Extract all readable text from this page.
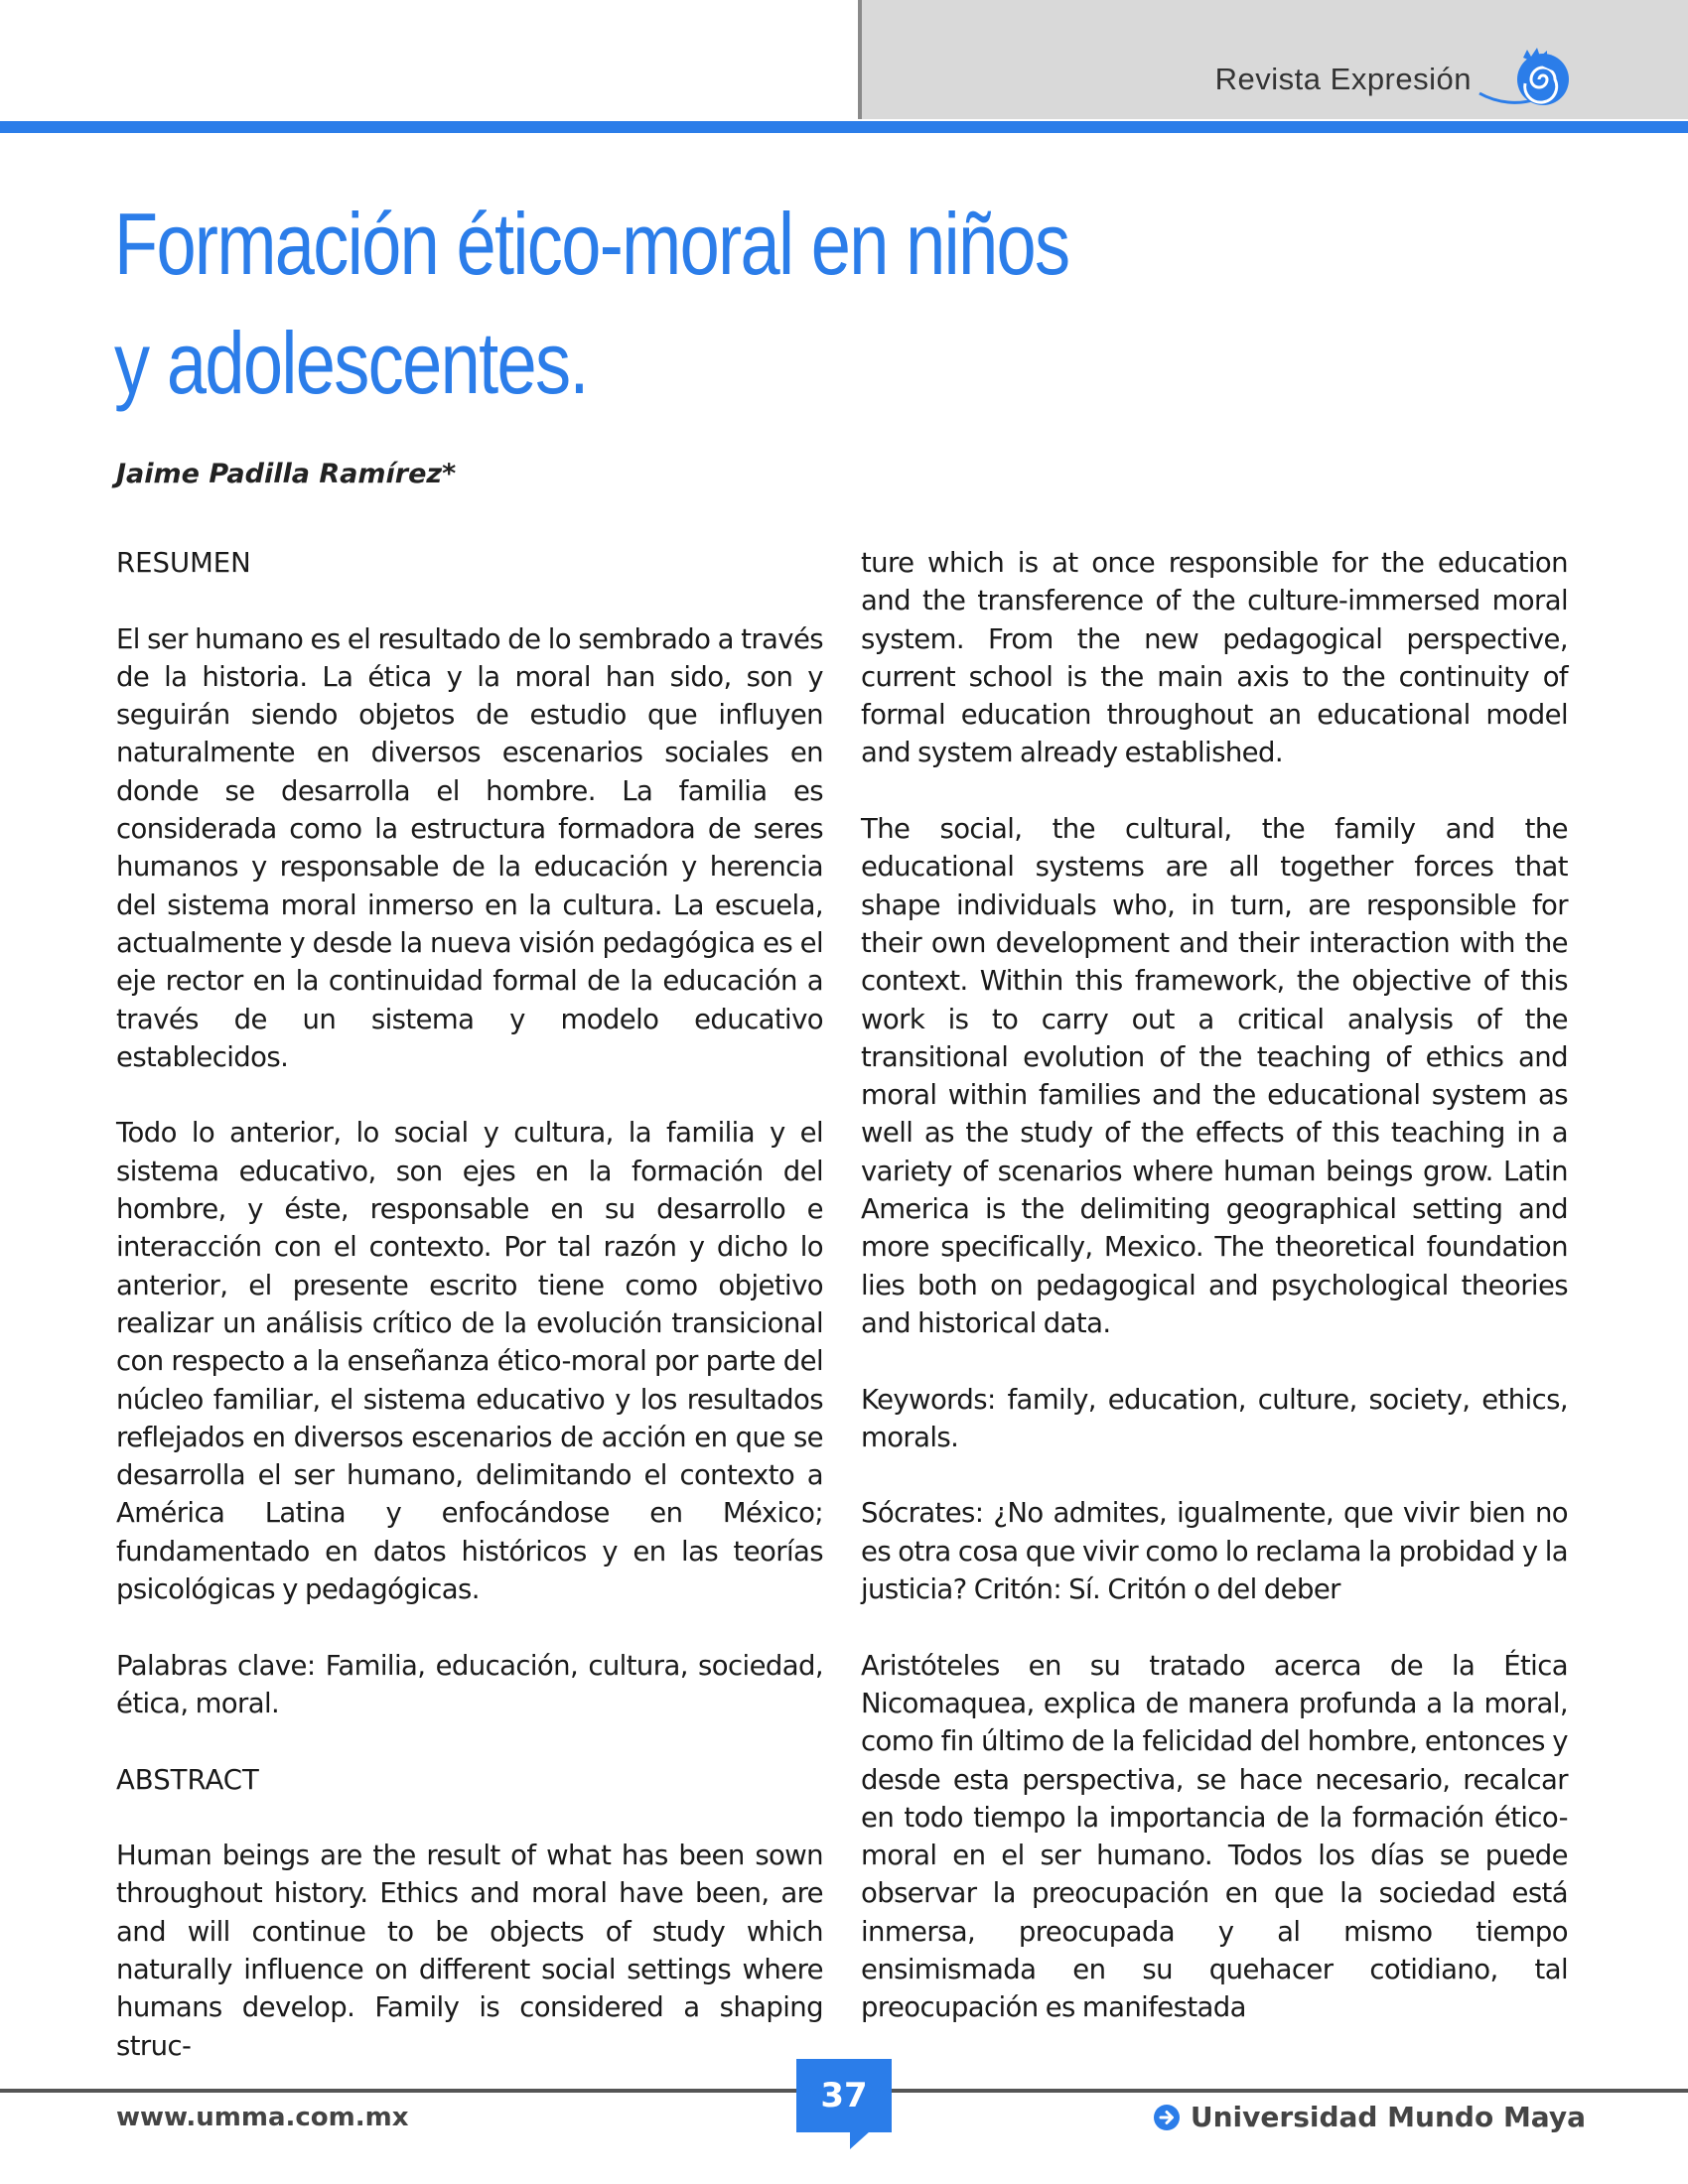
Revista Expresión
Formación ético-moral en niños y adolescentes.
Jaime Padilla Ramírez*

RESUMEN

El ser humano es el resultado de lo sembrado a través de la historia. La ética y la moral han sido, son y seguirán siendo objetos de estudio que influyen naturalmente en diversos escenarios sociales en donde se desarrolla el hombre. La familia es considerada como la estructura formadora de seres humanos y responsable de la educación y herencia del sistema moral inmerso en la cultura. La escuela, actualmente y desde la nueva visión pedagógica es el eje rector en la continuidad formal de la educación a través de un sistema y modelo educativo establecidos.

Todo lo anterior, lo social y cultura, la familia y el sistema educativo, son ejes en la formación del hombre, y éste, responsable en su desarrollo e interacción con el contexto. Por tal razón y dicho lo anterior, el presente escrito tiene como objetivo realizar un análisis crítico de la evolución transicional con respecto a la enseñanza ético-moral por parte del núcleo familiar, el sistema educativo y los resultados reflejados en diversos escenarios de acción en que se desarrolla el ser humano, delimitando el contexto a América Latina y enfocándose en México; fundamentado en datos históricos y en las teorías psicológicas y pedagógicas.

Palabras clave: Familia, educación, cultura, sociedad, ética, moral.

ABSTRACT

Human beings are the result of what has been sown throughout history. Ethics and moral have been, are and will continue to be objects of study which naturally influence on different social settings where humans develop. Family is considered a shaping struc-

ture which is at once responsible for the education and the transference of the culture-immersed moral system. From the new pedagogical perspective, current school is the main axis to the continuity of formal education throughout an educational model and system already established.

The social, the cultural, the family and the educational systems are all together forces that shape individuals who, in turn, are responsible for their own development and their interaction with the context. Within this framework, the objective of this work is to carry out a critical analysis of the transitional evolution of the teaching of ethics and moral within families and the educational system as well as the study of the effects of this teaching in a variety of scenarios where human beings grow. Latin America is the delimiting geographical setting and more specifically, Mexico. The theoretical foundation lies both on pedagogical and psychological theories and historical data.

Keywords: family, education, culture, society, ethics, morals.

Sócrates: ¿No admites, igualmente, que vivir bien no es otra cosa que vivir como lo reclama la probidad y la justicia? Critón: Sí. Critón o del deber

Aristóteles en su tratado acerca de la Ética Nicomaquea, explica de manera profunda a la moral, como fin último de la felicidad del hombre, entonces y desde esta perspectiva, se hace necesario, recalcar en todo tiempo la importancia de la formación ético-moral en el ser humano. Todos los días se puede observar la preocupación en que la sociedad está inmersa, preocupada y al mismo tiempo ensimismada en su quehacer cotidiano, tal preocupación es manifestada

37
www.umma.com.mx	Universidad Mundo Maya
